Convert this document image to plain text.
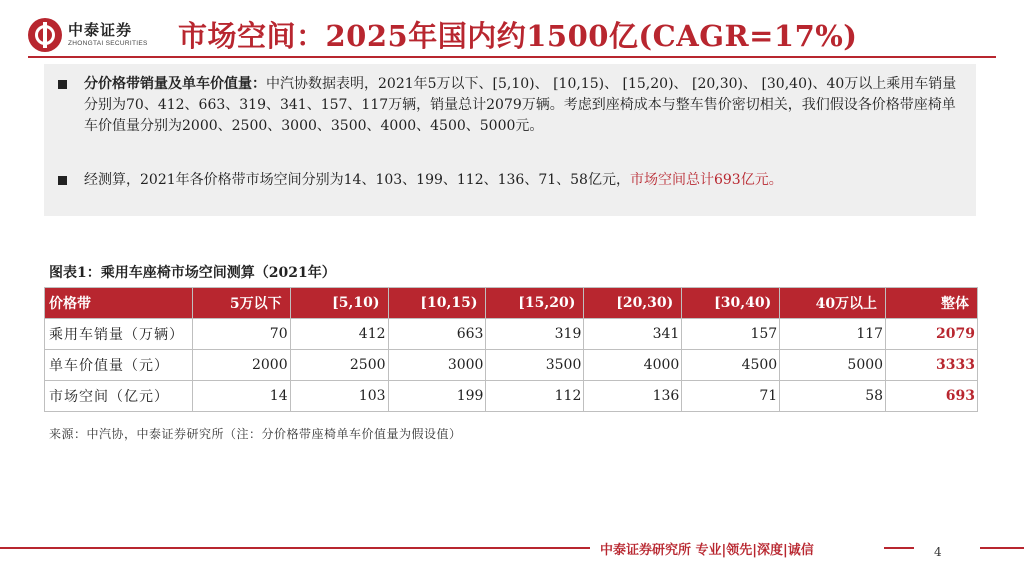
中泰证券
ZHONGTAI SECURITIES 市场空间：2025年国内约1500亿(CAGR=17%)
分价格带销量及单车价值量：中汽协数据表明，2021年5万以下、[5,10)、 [10,15)、 [15,20)、 [20,30)、 [30,40)、40万以上乘用车销量分别为70、412、663、319、341、157、117万辆，销量总计2079万辆。考虑到座椅成本与整车售价密切相关，我们假设各价格带座椅单车价值量分别为2000、2500、3000、3500、4000、4500、5000元。
经测算，2021年各价格带市场空间分别为14、103、199、112、136、71、58亿元，市场空间总计693亿元。
图表1：乘用车座椅市场空间测算（2021年）
价格带	5万以下	[5,10)	[10,15)	[15,20)	[20,30)	[30,40)	40万以上	整体
乘用车销量（万辆）	70	412	663	319	341	157	117	2079
单车价值量（元）	2000	2500	3000	3500	4000	4500	5000	3333
市场空间（亿元）	14	103	199	112	136	71	58	693
来源：中汽协，中泰证券研究所（注：分价格带座椅单车价值量为假设值）
中泰证券研究所 专业|领先|深度|诚信	4
